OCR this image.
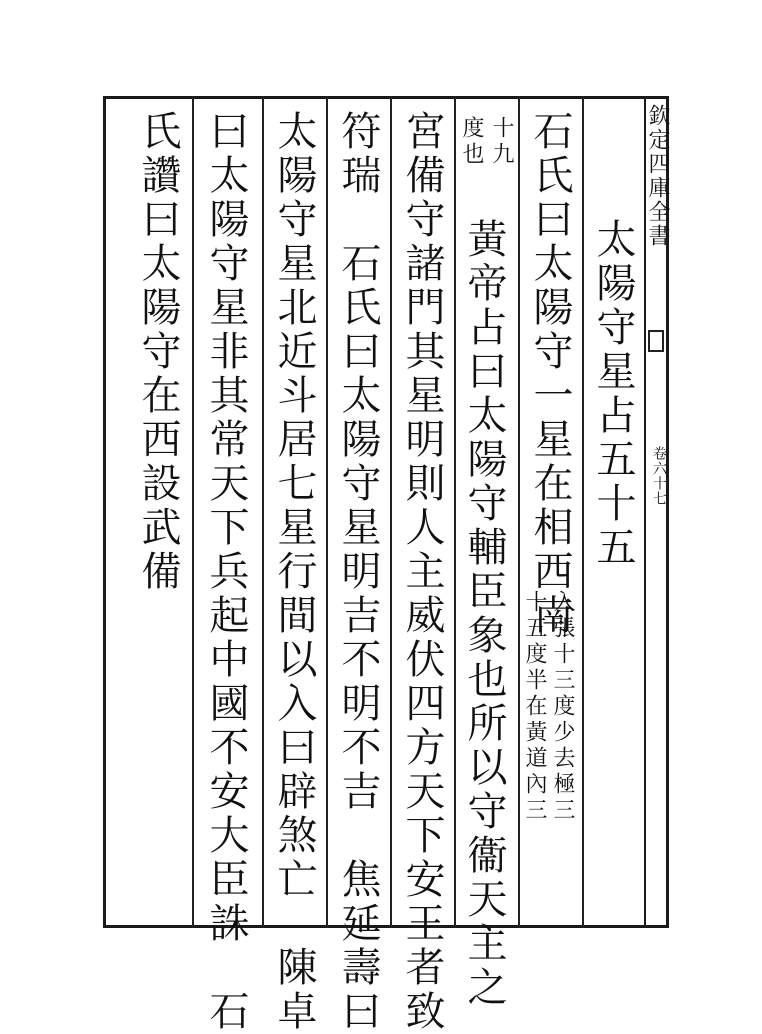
欽定四庫全書
卷六十七
太陽守星占五十五
石氏曰太陽守一星在相西南
入張十三度少去極三
十五度半在黃道內三
十九
度也
黃帝占曰太陽守輔臣象也所以守衞天主之
宮備守諸門其星明則人主威伏四方天下安王者致
符瑞　石氏曰太陽守星明吉不明不吉　焦延壽曰
太陽守星北近斗居七星行間以入曰辟煞亡　陳卓
曰太陽守星非其常天下兵起中國不安大臣誅　石
氏讚曰太陽守在西設武備
